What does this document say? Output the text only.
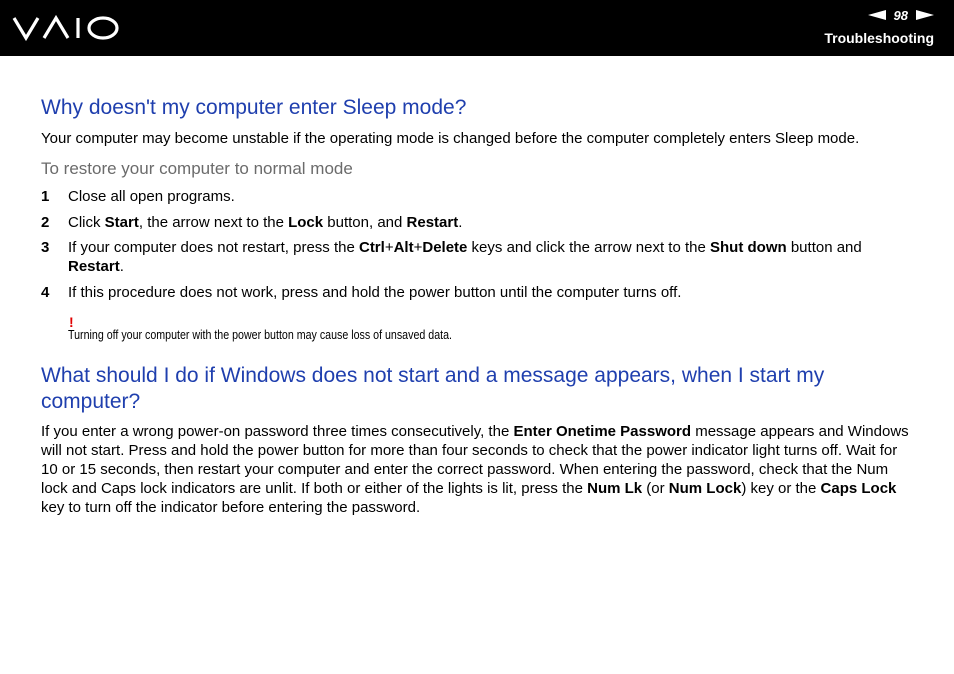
98
Troubleshooting
Why doesn't my computer enter Sleep mode?

Your computer may become unstable if the operating mode is changed before the computer completely enters Sleep mode.

To restore your computer to normal mode
1 Close all open programs.
2 Click Start, the arrow next to the Lock button, and Restart.
3 If your computer does not restart, press the Ctrl+Alt+Delete keys and click the arrow next to the Shut down button and Restart.
4 If this procedure does not work, press and hold the power button until the computer turns off.
!
Turning off your computer with the power button may cause loss of unsaved data.
What should I do if Windows does not start and a message appears, when I start my
computer?

If you enter a wrong power-on password three times consecutively, the Enter Onetime Password message appears and Windows will not start. Press and hold the power button for more than four seconds to check that the power indicator light turns off. Wait for 10 or 15 seconds, then restart your computer and enter the correct password. When entering the password, check that the Num lock and Caps lock indicators are unlit. If both or either of the lights is lit, press the Num Lk (or Num Lock) key or the Caps Lock key to turn off the indicator before entering the password.
